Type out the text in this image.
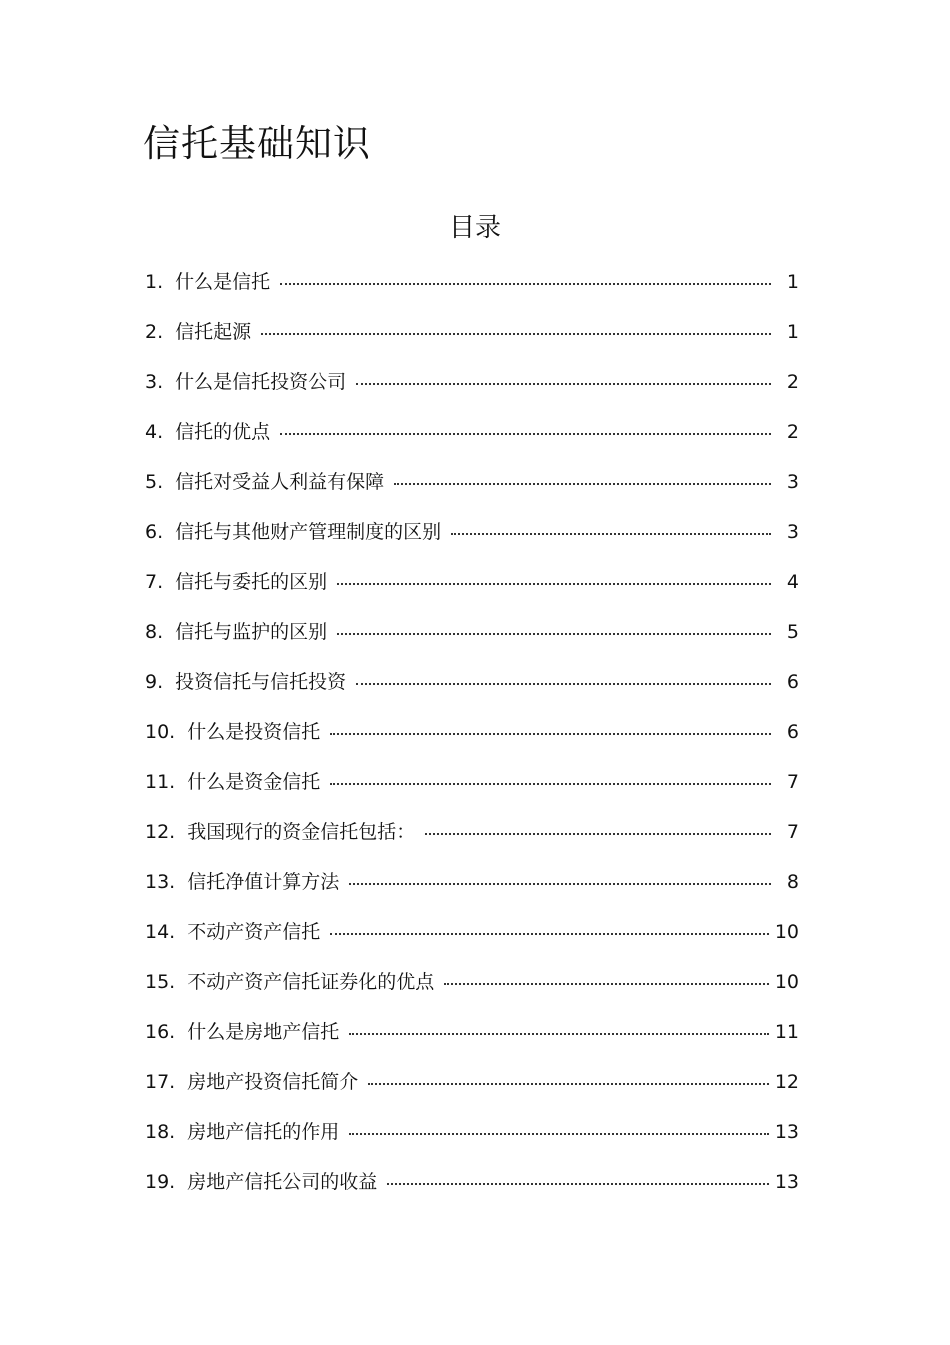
信托基础知识
目录
1. 什么是信托	1
2. 信托起源	1
3. 什么是信托投资公司	2
4. 信托的优点	2
5. 信托对受益人利益有保障	3
6. 信托与其他财产管理制度的区别	3
7. 信托与委托的区别	4
8. 信托与监护的区别	5
9. 投资信托与信托投资	6
10. 什么是投资信托	6
11. 什么是资金信托	7
12. 我国现行的资金信托包括：	7
13. 信托净值计算方法	8
14. 不动产资产信托	10
15. 不动产资产信托证券化的优点	10
16. 什么是房地产信托	11
17. 房地产投资信托简介	12
18. 房地产信托的作用	13
19. 房地产信托公司的收益	13
